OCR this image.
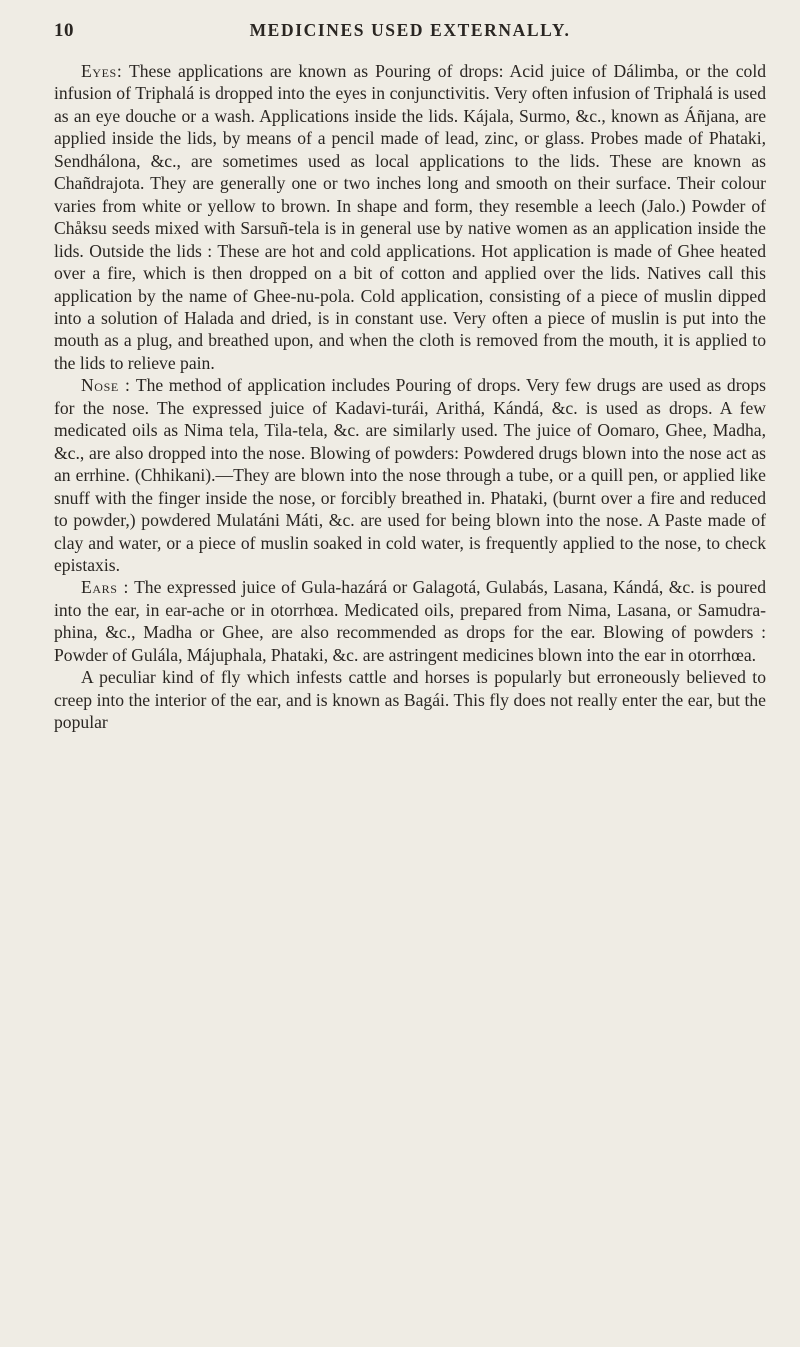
10	MEDICINES USED EXTERNALLY.

Eyes: These applications are known as Pouring of drops: Acid juice of Dálimba, or the cold infusion of Triphalá is dropped into the eyes in conjunctivitis. Very often infusion of Triphalá is used as an eye douche or a wash. Applications inside the lids. Kájala, Surmo, &c., known as Áñjana, are applied inside the lids, by means of a pencil made of lead, zinc, or glass. Probes made of Phataki, Sendhálona, &c., are sometimes used as local applications to the lids. These are known as Chañdrajota. They are generally one or two inches long and smooth on their surface. Their colour varies from white or yellow to brown. In shape and form, they resemble a leech (Jalo.) Powder of Chåksu seeds mixed with Sarsuñ-tela is in general use by native women as an application inside the lids. Outside the lids : These are hot and cold applications. Hot application is made of Ghee heated over a fire, which is then dropped on a bit of cotton and applied over the lids. Natives call this application by the name of Ghee-nu-pola. Cold application, consisting of a piece of muslin dipped into a solution of Halada and dried, is in constant use. Very often a piece of muslin is put into the mouth as a plug, and breathed upon, and when the cloth is removed from the mouth, it is applied to the lids to relieve pain.

Nose : The method of application includes Pouring of drops. Very few drugs are used as drops for the nose. The expressed juice of Kadavi-turái, Arithá, Kándá, &c. is used as drops. A few medicated oils as Nima tela, Tila-tela, &c. are similarly used. The juice of Oomaro, Ghee, Madha, &c., are also dropped into the nose. Blowing of powders: Powdered drugs blown into the nose act as an errhine. (Chhikani).—They are blown into the nose through a tube, or a quill pen, or applied like snuff with the finger inside the nose, or forcibly breathed in. Phataki, (burnt over a fire and reduced to powder,) powdered Mulatáni Máti, &c. are used for being blown into the nose. A Paste made of clay and water, or a piece of muslin soaked in cold water, is frequently applied to the nose, to check epistaxis.

Ears : The expressed juice of Gula-hazárá or Galagotá, Gulabás, Lasana, Kándá, &c. is poured into the ear, in ear-ache or in otorrhœa. Medicated oils, prepared from Nima, Lasana, or Samudra-phina, &c., Madha or Ghee, are also recommended as drops for the ear. Blowing of powders : Powder of Gulála, Májuphala, Phataki, &c. are astringent medicines blown into the ear in otorrhœa.

A peculiar kind of fly which infests cattle and horses is popularly but erroneously believed to creep into the interior of the ear, and is known as Bagái. This fly does not really enter the ear, but the popular
